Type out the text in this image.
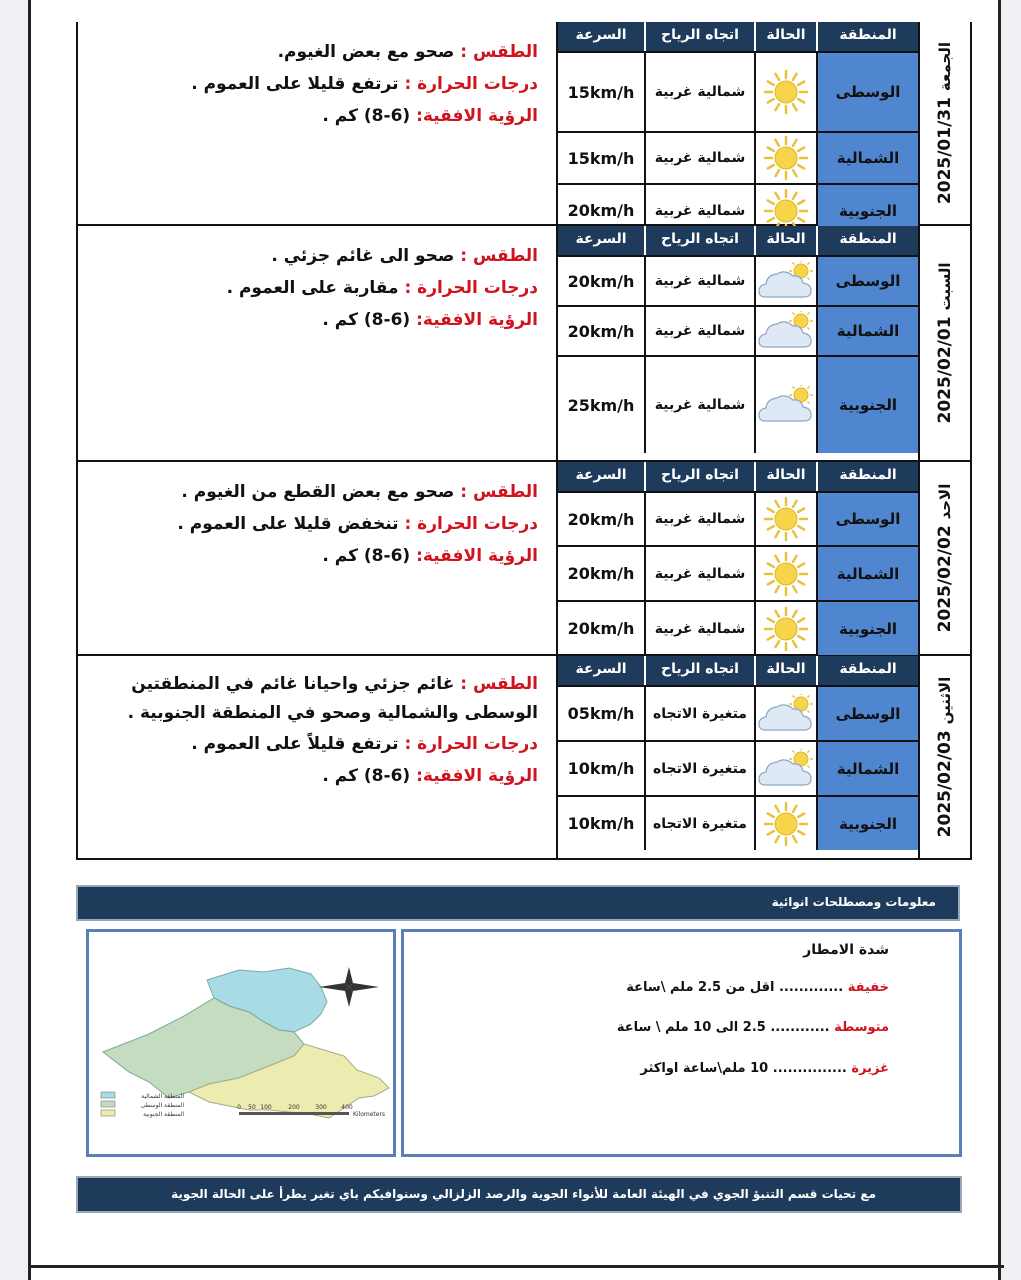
الطقس : صحو مع بعض الغيوم.
درجات الحرارة : ترتفع قليلا على العموم .
الرؤية الافقية: (6-8) كم .
السرعة	اتجاه الرياح	الحالة	المنطقة
15km/h	شمالية غربية	الوسطى
15km/h	شمالية غربية	الشمالية
20km/h	شمالية غربية	الجنوبية
الجمعة 2025/01/31
الطقس : صحو الى غائم جزئي .
درجات الحرارة : مقاربة على العموم .
الرؤية الافقية: (6-8) كم .
السرعة	اتجاه الرياح	الحالة	المنطقة
20km/h	شمالية غربية	الوسطى
20km/h	شمالية غربية	الشمالية
25km/h	شمالية غربية	الجنوبية
السبت 2025/02/01
الطقس : صحو مع بعض القطع من الغيوم .
درجات الحرارة : تنخفض قليلا على العموم .
الرؤية الافقية: (6-8) كم .
السرعة	اتجاه الرياح	الحالة	المنطقة
20km/h	شمالية غربية	الوسطى
20km/h	شمالية غربية	الشمالية
20km/h	شمالية غربية	الجنوبية
الاحد 2025/02/02
الطقس : غائم جزئي واحيانا غائم في المنطقتين الوسطى والشمالية وصحو في المنطقة الجنوبية .
درجات الحرارة : ترتفع قليلاً على العموم .
الرؤية الافقية: (6-8) كم .
السرعة	اتجاه الرياح	الحالة	المنطقة
05km/h	متغيرة الاتجاه	الوسطى
10km/h	متغيرة الاتجاه	الشمالية
10km/h	متغيرة الاتجاه	الجنوبية
الاثنين 2025/02/03
معلومات ومصطلحات انوائية
المنطقة الشمالية
المنطقة الوسطى
المنطقة الجنوبية
0 50 100	200	300 400
Kilometers
شدة الامطار
خفيفة ............. اقل من 2.5 ملم \ساعة
متوسطة ............ 2.5 الى 10 ملم \ ساعة
غزيرة ............... 10 ملم\ساعة اواكثر
مع تحيات قسم التنبؤ الجوي في الهيئة العامة للأنواء الجوية والرصد الزلزالي وسنوافيكم باي تغير يطرأ على الحالة الجوية
